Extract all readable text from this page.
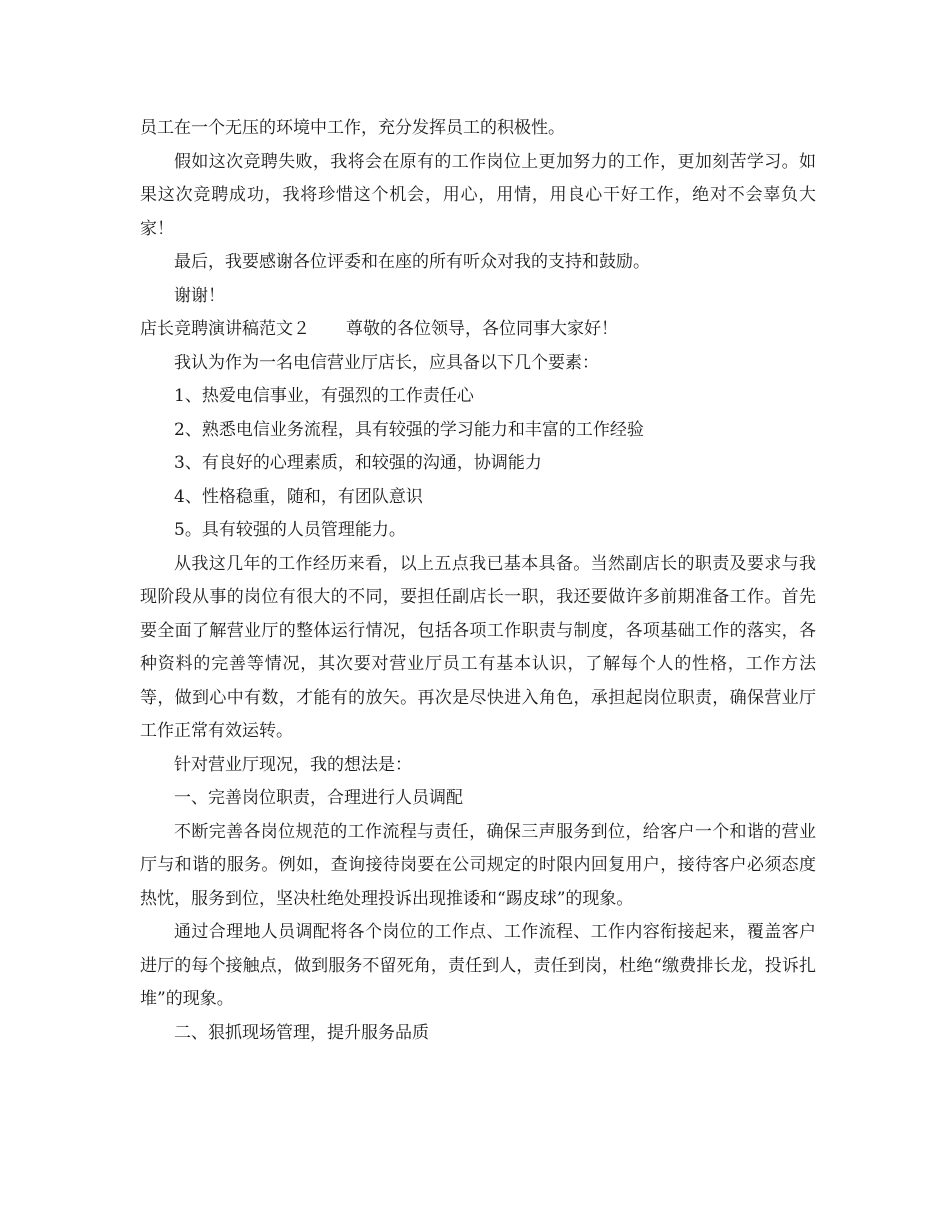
员工在一个无压的环境中工作，充分发挥员工的积极性。

假如这次竞聘失败，我将会在原有的工作岗位上更加努力的工作，更加刻苦学习。如果这次竞聘成功，我将珍惜这个机会，用心，用情，用良心干好工作，绝对不会辜负大家！

最后，我要感谢各位评委和在座的所有听众对我的支持和鼓励。

谢谢！

店长竞聘演讲稿范文２ 尊敬的各位领导，各位同事大家好！

我认为作为一名电信营业厅店长，应具备以下几个要素：

1、热爱电信事业，有强烈的工作责任心

2、熟悉电信业务流程，具有较强的学习能力和丰富的工作经验

3、有良好的心理素质，和较强的沟通，协调能力

4、性格稳重，随和，有团队意识

5。具有较强的人员管理能力。

从我这几年的工作经历来看，以上五点我已基本具备。当然副店长的职责及要求与我现阶段从事的岗位有很大的不同，要担任副店长一职，我还要做许多前期准备工作。首先要全面了解营业厅的整体运行情况，包括各项工作职责与制度，各项基础工作的落实，各种资料的完善等情况，其次要对营业厅员工有基本认识，了解每个人的性格，工作方法等，做到心中有数，才能有的放矢。再次是尽快进入角色，承担起岗位职责，确保营业厅工作正常有效运转。

针对营业厅现况，我的想法是：

一、完善岗位职责，合理进行人员调配

不断完善各岗位规范的工作流程与责任，确保三声服务到位，给客户一个和谐的营业厅与和谐的服务。例如，查询接待岗要在公司规定的时限内回复用户，接待客户必须态度热忱，服务到位，坚决杜绝处理投诉出现推诿和“踢皮球”的现象。

通过合理地人员调配将各个岗位的工作点、工作流程、工作内容衔接起来，覆盖客户进厅的每个接触点，做到服务不留死角，责任到人，责任到岗，杜绝“缴费排长龙，投诉扎堆”的现象。

二、狠抓现场管理，提升服务品质
